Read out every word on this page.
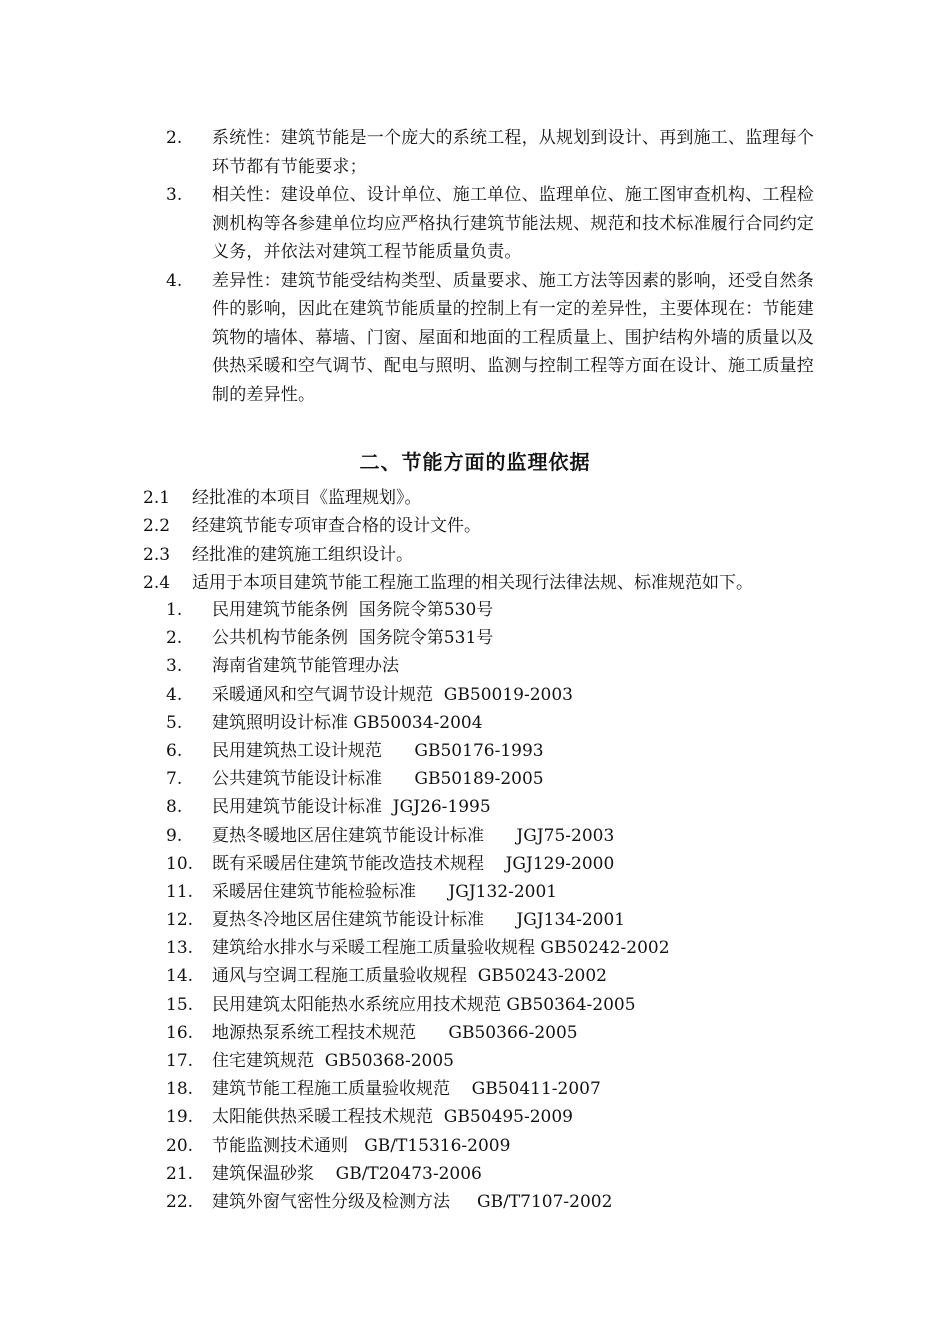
2.	系统性：建筑节能是一个庞大的系统工程，从规划到设计、再到施工、监理每个环节都有节能要求；
3.	相关性：建设单位、设计单位、施工单位、监理单位、施工图审查机构、工程检测机构等各参建单位均应严格执行建筑节能法规、规范和技术标准履行合同约定义务，并依法对建筑工程节能质量负责。
4.	差异性：建筑节能受结构类型、质量要求、施工方法等因素的影响，还受自然条件的影响，因此在建筑节能质量的控制上有一定的差异性，主要体现在：节能建筑物的墙体、幕墙、门窗、屋面和地面的工程质量上、围护结构外墙的质量以及供热采暖和空气调节、配电与照明、监测与控制工程等方面在设计、施工质量控制的差异性。
二、节能方面的监理依据
2.1	经批准的本项目《监理规划》。
2.2	经建筑节能专项审查合格的设计文件。
2.3	经批准的建筑施工组织设计。
2.4	适用于本项目建筑节能工程施工监理的相关现行法律法规、标准规范如下。
1.	民用建筑节能条例  国务院令第530号
2.	公共机构节能条例  国务院令第531号
3.	海南省建筑节能管理办法
4.	采暖通风和空气调节设计规范  GB50019-2003
5.	建筑照明设计标准 GB50034-2004
6.	民用建筑热工设计规范      GB50176-1993
7.	公共建筑节能设计标准      GB50189-2005
8.	民用建筑节能设计标准  JGJ26-1995
9.	夏热冬暖地区居住建筑节能设计标准      JGJ75-2003
10.	既有采暖居住建筑节能改造技术规程    JGJ129-2000
11.	采暖居住建筑节能检验标准      JGJ132-2001
12.	夏热冬冷地区居住建筑节能设计标准      JGJ134-2001
13.	建筑给水排水与采暖工程施工质量验收规程 GB50242-2002
14.	通风与空调工程施工质量验收规程  GB50243-2002
15.	民用建筑太阳能热水系统应用技术规范 GB50364-2005
16.	地源热泵系统工程技术规范      GB50366-2005
17.	住宅建筑规范  GB50368-2005
18.	建筑节能工程施工质量验收规范    GB50411-2007
19.	太阳能供热采暖工程技术规范  GB50495-2009
20.	节能监测技术通则   GB/T15316-2009
21.	建筑保温砂浆    GB/T20473-2006
22.	建筑外窗气密性分级及检测方法     GB/T7107-2002
